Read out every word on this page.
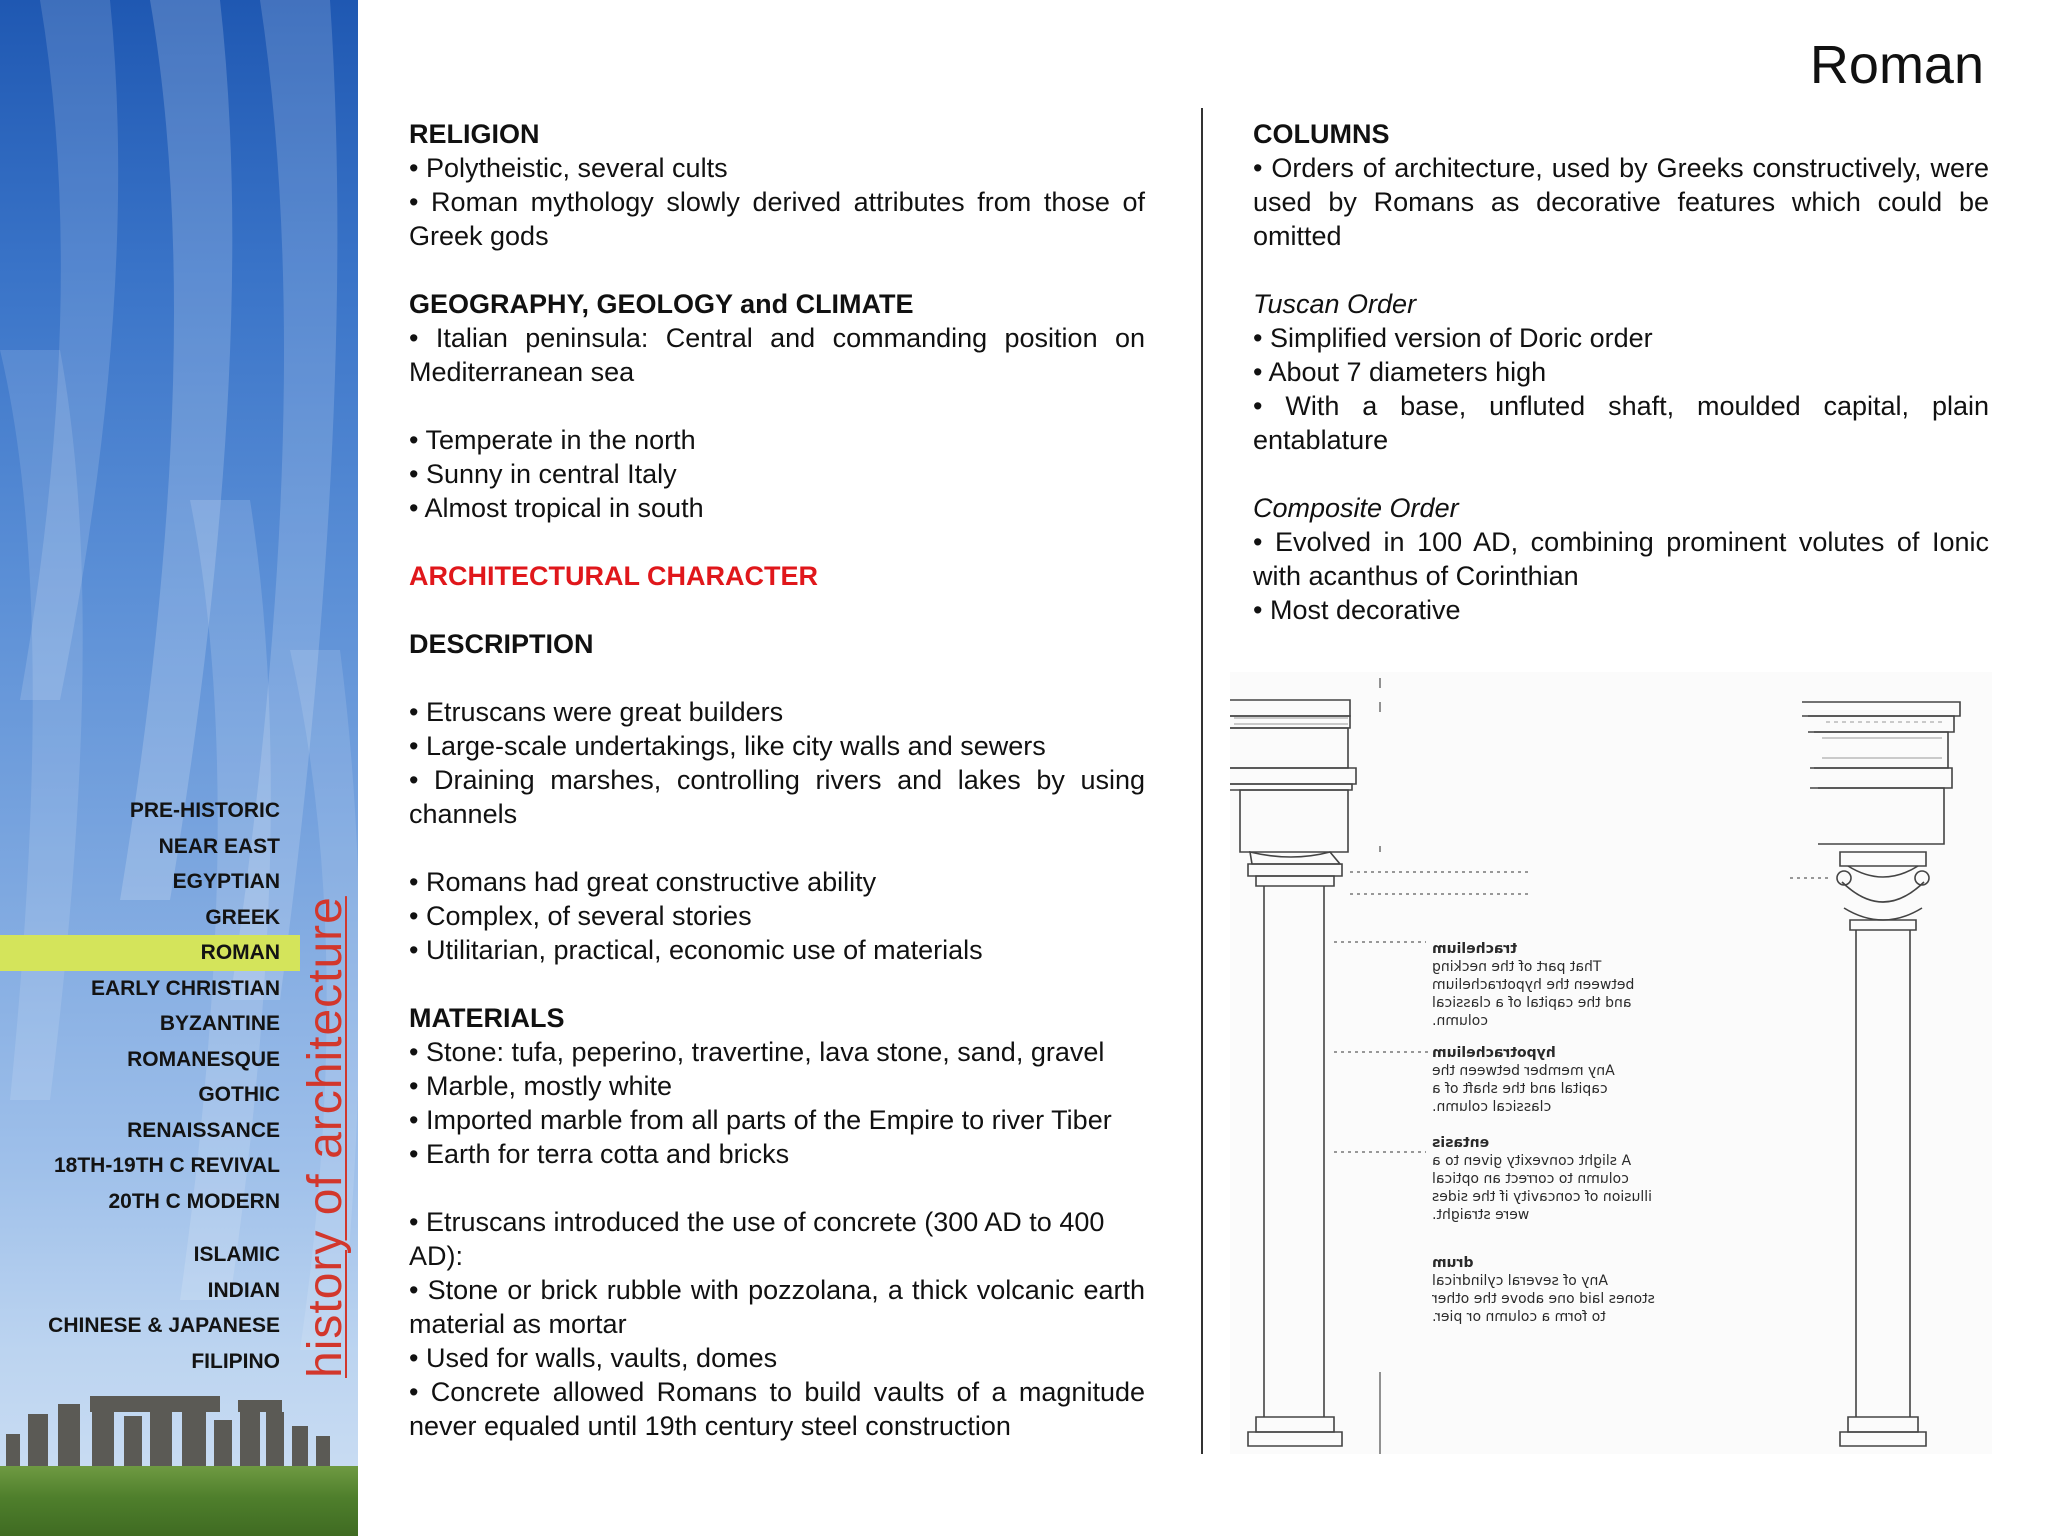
PRE-HISTORIC
NEAR EAST
EGYPTIAN
GREEK
ROMAN
EARLY CHRISTIAN
BYZANTINE
ROMANESQUE
GOTHIC
RENAISSANCE
18TH-19TH C REVIVAL
20TH C MODERN
ISLAMIC
INDIAN
CHINESE & JAPANESE
FILIPINO history of architecture
Roman
RELIGION
• Polytheistic, several cults
• Roman mythology slowly derived attributes from those of Greek gods
GEOGRAPHY, GEOLOGY and CLIMATE
• Italian peninsula: Central and commanding position on Mediterranean sea
• Temperate in the north
• Sunny in central Italy
• Almost tropical in south
ARCHITECTURAL CHARACTER
DESCRIPTION
• Etruscans were great builders
• Large-scale undertakings, like city walls and sewers
• Draining marshes, controlling rivers and lakes by using channels
• Romans had great constructive ability
• Complex, of several stories
• Utilitarian, practical, economic use of materials
MATERIALS
• Stone: tufa, peperino, travertine, lava stone, sand, gravel
• Marble, mostly white
• Imported marble from all parts of the Empire to river Tiber
• Earth for terra cotta and bricks
• Etruscans introduced the use of concrete (300 AD to 400 AD):
• Stone or brick rubble with pozzolana, a thick volcanic earth material as mortar
• Used for walls, vaults, domes
• Concrete allowed Romans to build vaults of a magnitude never equaled until 19th century steel construction
COLUMNS
• Orders of architecture, used by Greeks constructively, were used by Romans as decorative features which could be omitted
Tuscan Order
• Simplified version of Doric order
• About 7 diameters high
• With a base, unfluted shaft, moulded capital, plain entablature
Composite Order
• Evolved in 100 AD, combining prominent volutes of Ionic with acanthus of Corinthian
• Most decorative
trachelium
That part of the necking
between the hypotrachelium
and the capital of a classical
column.
hypotrachelium
Any member between the
capital and the shaft of a
classical column.
entasis
A slight convexity given to a
column to correct an optical
illusion of concavity if the sides
were straight.
drum
Any of several cylindrical
stones laid one above the other
to form a column or pier.
